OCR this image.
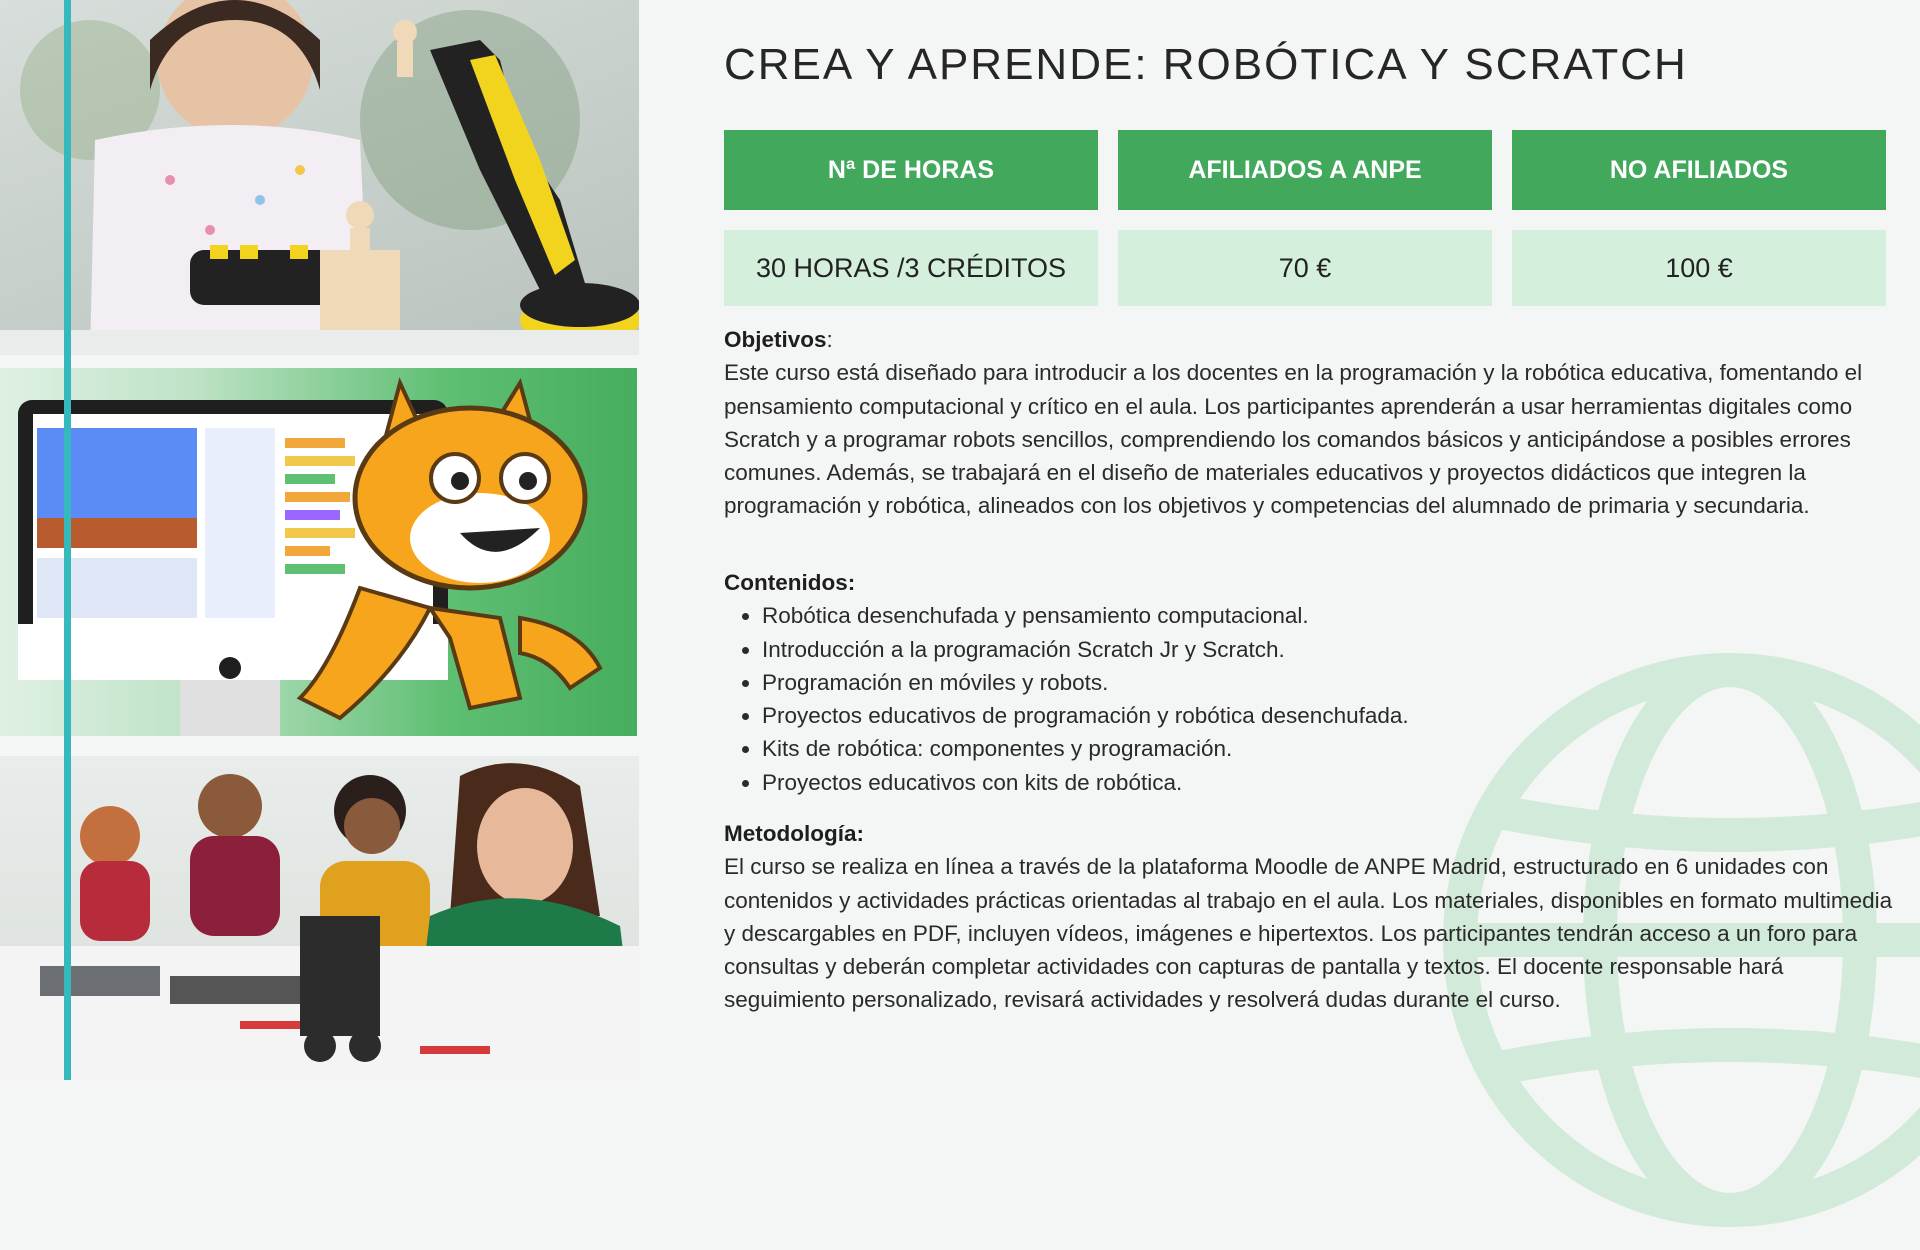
CREA Y APRENDE: ROBÓTICA Y SCRATCH
Nª DE HORAS	AFILIADOS A ANPE	NO AFILIADOS
30 HORAS /3 CRÉDITOS	70 €	100 €
Objetivos:

Este curso está diseñado para introducir a los docentes en la programación y la robótica educativa, fomentando el pensamiento computacional y crítico en el aula. Los participantes aprenderán a usar herramientas digitales como Scratch y a programar robots sencillos, comprendiendo los comandos básicos y anticipándose a posibles errores comunes. Además, se trabajará en el diseño de materiales educativos y proyectos didácticos que integren la programación y robótica, alineados con los objetivos y competencias del alumnado de primaria y secundaria.

Contenidos:
• Robótica desenchufada y pensamiento computacional.
• Introducción a la programación Scratch Jr y Scratch.
• Programación en móviles y robots.
• Proyectos educativos de programación y robótica desenchufada.
• Kits de robótica: componentes y programación.
• Proyectos educativos con kits de robótica.
Metodología:

El curso se realiza en línea a través de la plataforma Moodle de ANPE Madrid, estructurado en 6 unidades con contenidos y actividades prácticas orientadas al trabajo en el aula. Los materiales, disponibles en formato multimedia y descargables en PDF, incluyen vídeos, imágenes e hipertextos. Los participantes tendrán acceso a un foro para consultas y deberán completar actividades con capturas de pantalla y textos. El docente responsable hará seguimiento personalizado, revisará actividades y resolverá dudas durante el curso.
